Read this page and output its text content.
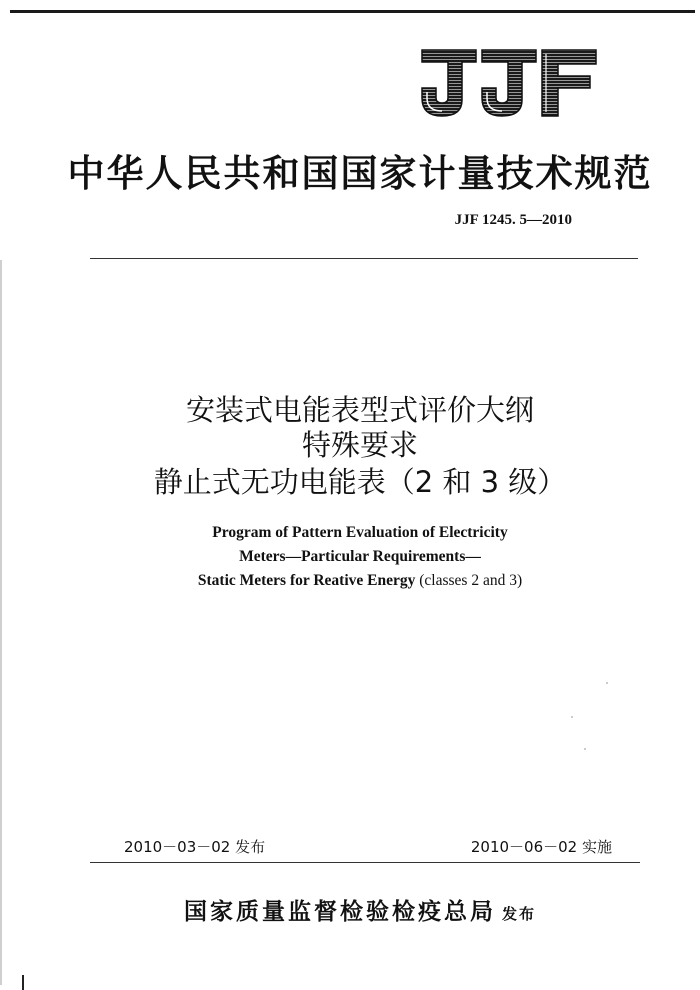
中华人民共和国国家计量技术规范
JJF 1245. 5—2010
安装式电能表型式评价大纲
特殊要求
静止式无功电能表（2 和 3 级）
Program of Pattern Evaluation of Electricity
Meters—Particular Requirements—
Static Meters for Reative Energy (classes 2 and 3)
2010－03－02 发布	2010－06－02 实施
国家质量监督检验检疫总局 发布
